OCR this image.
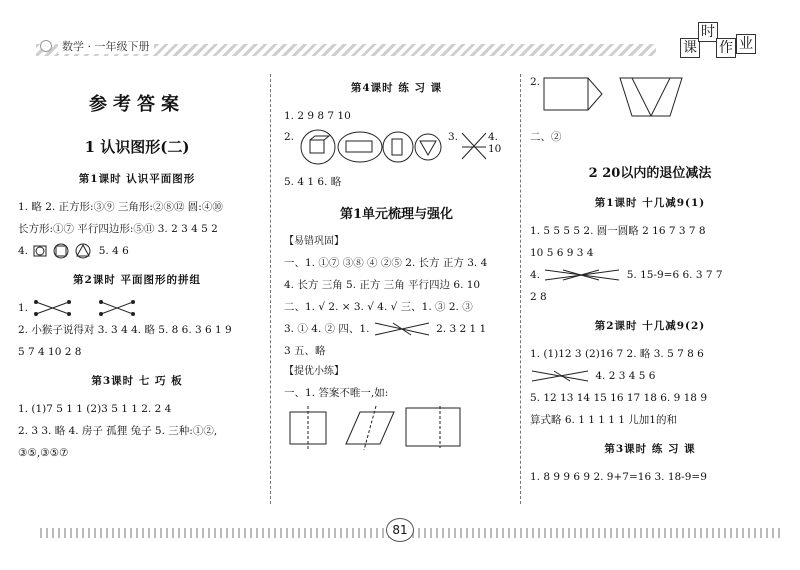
数学 · 一年级下册	课
时
作 业
参考答案
1 认识图形(二)
第1课时 认识平面图形
1. 略 2. 正方形:③⑨ 三角形:②⑧⑫ 圆:④⑩
长方形:①⑦ 平行四边形:⑤⑪ 3. 2 3 4 5 2
4.	5. 4 6
第2课时 平面图形的拼组
1.
2. 小猴子说得对 3. 3 4 4. 略 5. 8 6. 3 6 1 9
5 7 4 10 2 8
第3课时 七 巧 板
1. (1)7 5 1 1 (2)3 5 1 1 2. 2 4
2. 3 3. 略 4. 房子 孤狸 兔子 5. 三种:①②,
③⑤,③⑤⑦
第4课时 练 习 课
1. 2 9 8 7 10
2.	3.	4. 10
5. 4 1 6. 略
第1单元梳理与强化
【易错巩固】
一、1. ①⑦ ③⑧ ④ ②⑤ 2. 长方 正方 3. 4
4. 长方 三角 5. 正方 三角 平行四边 6. 10
二、1. √ 2. × 3. √ 4. √ 三、1. ③ 2. ③
3. ① 4. ② 四、1.	2. 3 2 1 1
3 五、略
【提优小练】
一、1. 答案不唯一,如:
2.
二、②
2 20以内的退位减法
第1课时 十几减9(1)
1. 5 5 5 5 2. 圆一圆略 2 16 7 3 7 8
10 5 6 9 3 4
4.	5. 15-9=6 6. 3 7 7
2 8
第2课时 十几减9(2)
1. (1)12 3 (2)16 7 2. 略 3. 5 7 8 6
4. 2 3 4 5 6
5. 12 13 14 15 16 17 18 6. 9 18 9
算式略 6. 1 1 1 1 1 儿加1的和
第3课时 练 习 课
1. 8 9 9 6 9 2. 9+7=16 3. 18-9=9
81
